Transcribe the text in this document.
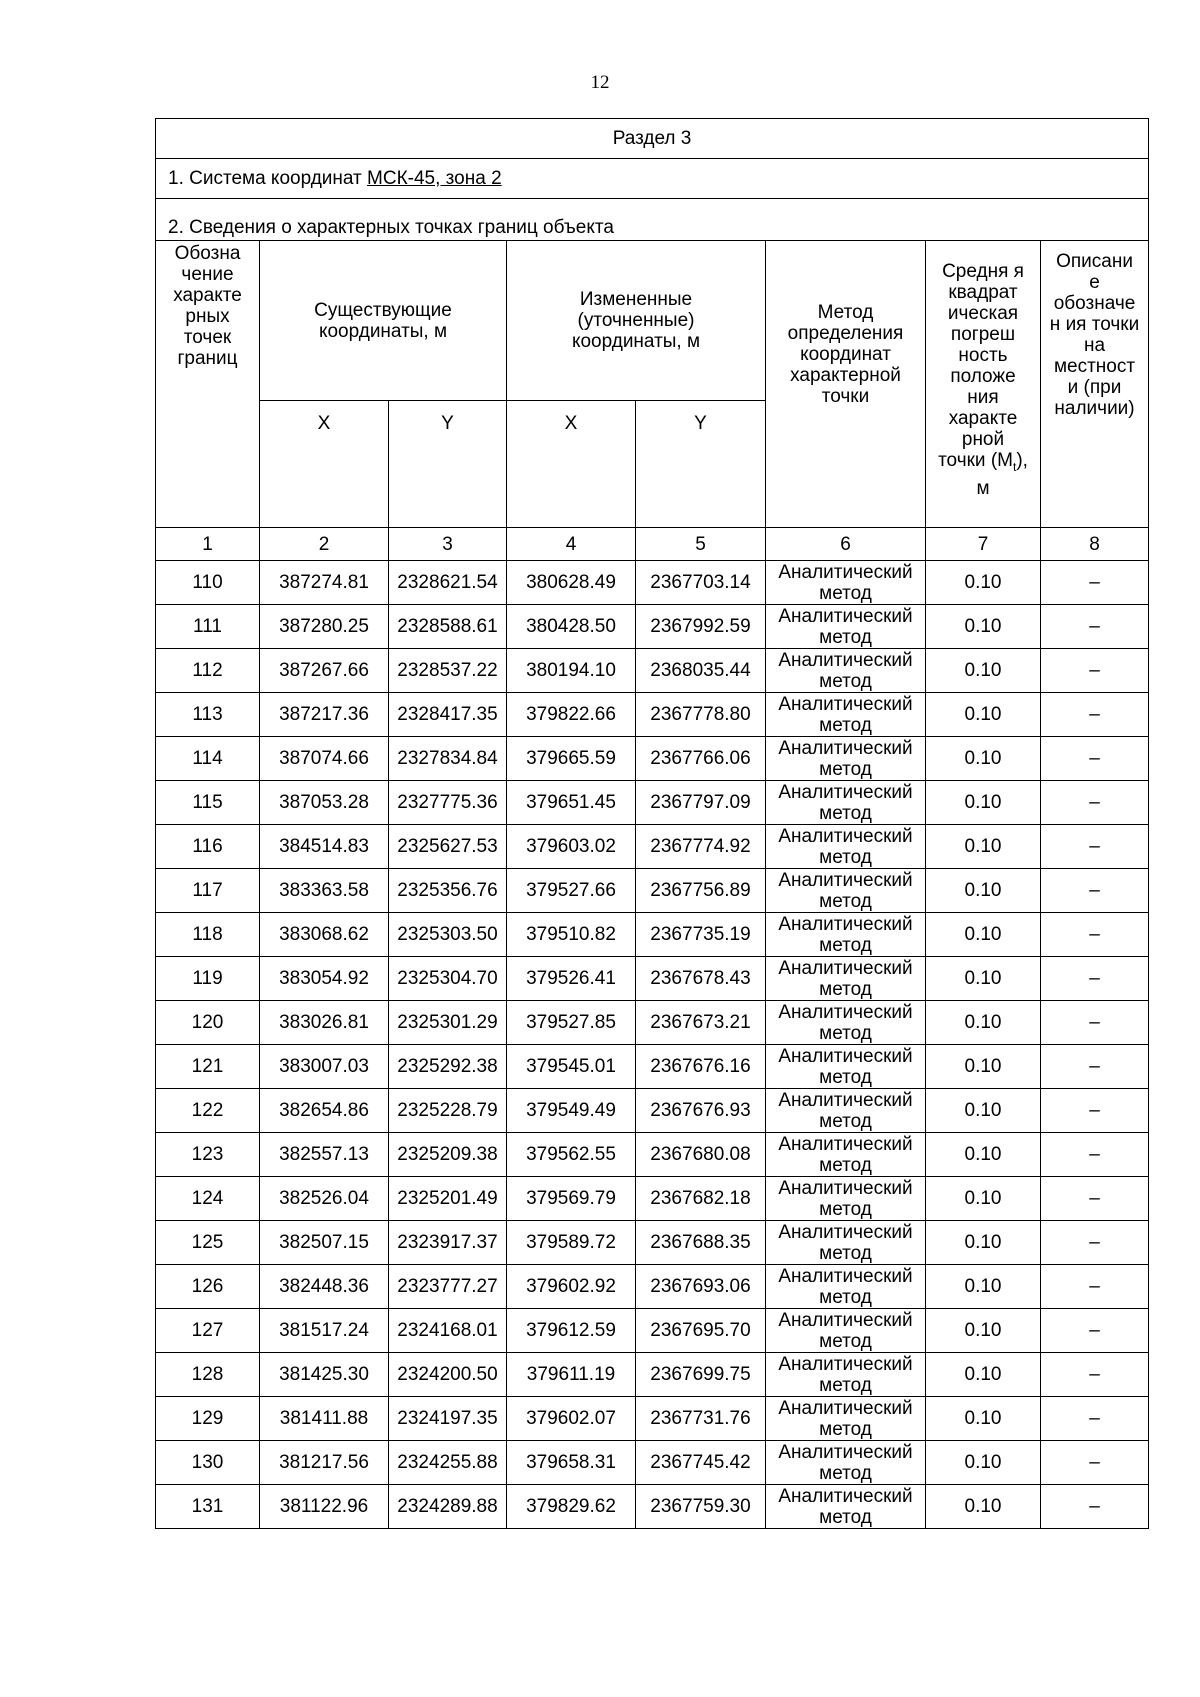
12
Раздел 3							
1. Система координат МСК-45, зона 2							
2. Сведения о характерных точках границ объекта							
Обозна чение характе рных точек границ	Существующие координаты, м		Измененные (уточненные) координаты, м		Метод определения координат характерной точки	Средня я квадрат ическая погреш ность положе ния характе рной точки $(M_t)$, м	Описани е обозначе н ия точки на местност и (при наличии)
	X	Y	X	Y			
1	2	3	4	5	6	7	8
110	387274.81	2328621.54	380628.49	2367703.14	Аналитический метод	0.10	–
111	387280.25	2328588.61	380428.50	2367992.59	Аналитический метод	0.10	–
112	387267.66	2328537.22	380194.10	2368035.44	Аналитический метод	0.10	–
113	387217.36	2328417.35	379822.66	2367778.80	Аналитический метод	0.10	–
114	387074.66	2327834.84	379665.59	2367766.06	Аналитический метод	0.10	–
115	387053.28	2327775.36	379651.45	2367797.09	Аналитический метод	0.10	–
116	384514.83	2325627.53	379603.02	2367774.92	Аналитический метод	0.10	–
117	383363.58	2325356.76	379527.66	2367756.89	Аналитический метод	0.10	–
118	383068.62	2325303.50	379510.82	2367735.19	Аналитический метод	0.10	–
119	383054.92	2325304.70	379526.41	2367678.43	Аналитический метод	0.10	–
120	383026.81	2325301.29	379527.85	2367673.21	Аналитический метод	0.10	–
121	383007.03	2325292.38	379545.01	2367676.16	Аналитический метод	0.10	–
122	382654.86	2325228.79	379549.49	2367676.93	Аналитический метод	0.10	–
123	382557.13	2325209.38	379562.55	2367680.08	Аналитический метод	0.10	–
124	382526.04	2325201.49	379569.79	2367682.18	Аналитический метод	0.10	–
125	382507.15	2323917.37	379589.72	2367688.35	Аналитический метод	0.10	–
126	382448.36	2323777.27	379602.92	2367693.06	Аналитический метод	0.10	–
127	381517.24	2324168.01	379612.59	2367695.70	Аналитический метод	0.10	–
128	381425.30	2324200.50	379611.19	2367699.75	Аналитический метод	0.10	–
129	381411.88	2324197.35	379602.07	2367731.76	Аналитический метод	0.10	–
130	381217.56	2324255.88	379658.31	2367745.42	Аналитический метод	0.10	–
131	381122.96	2324289.88	379829.62	2367759.30	Аналитический метод	0.10	–
